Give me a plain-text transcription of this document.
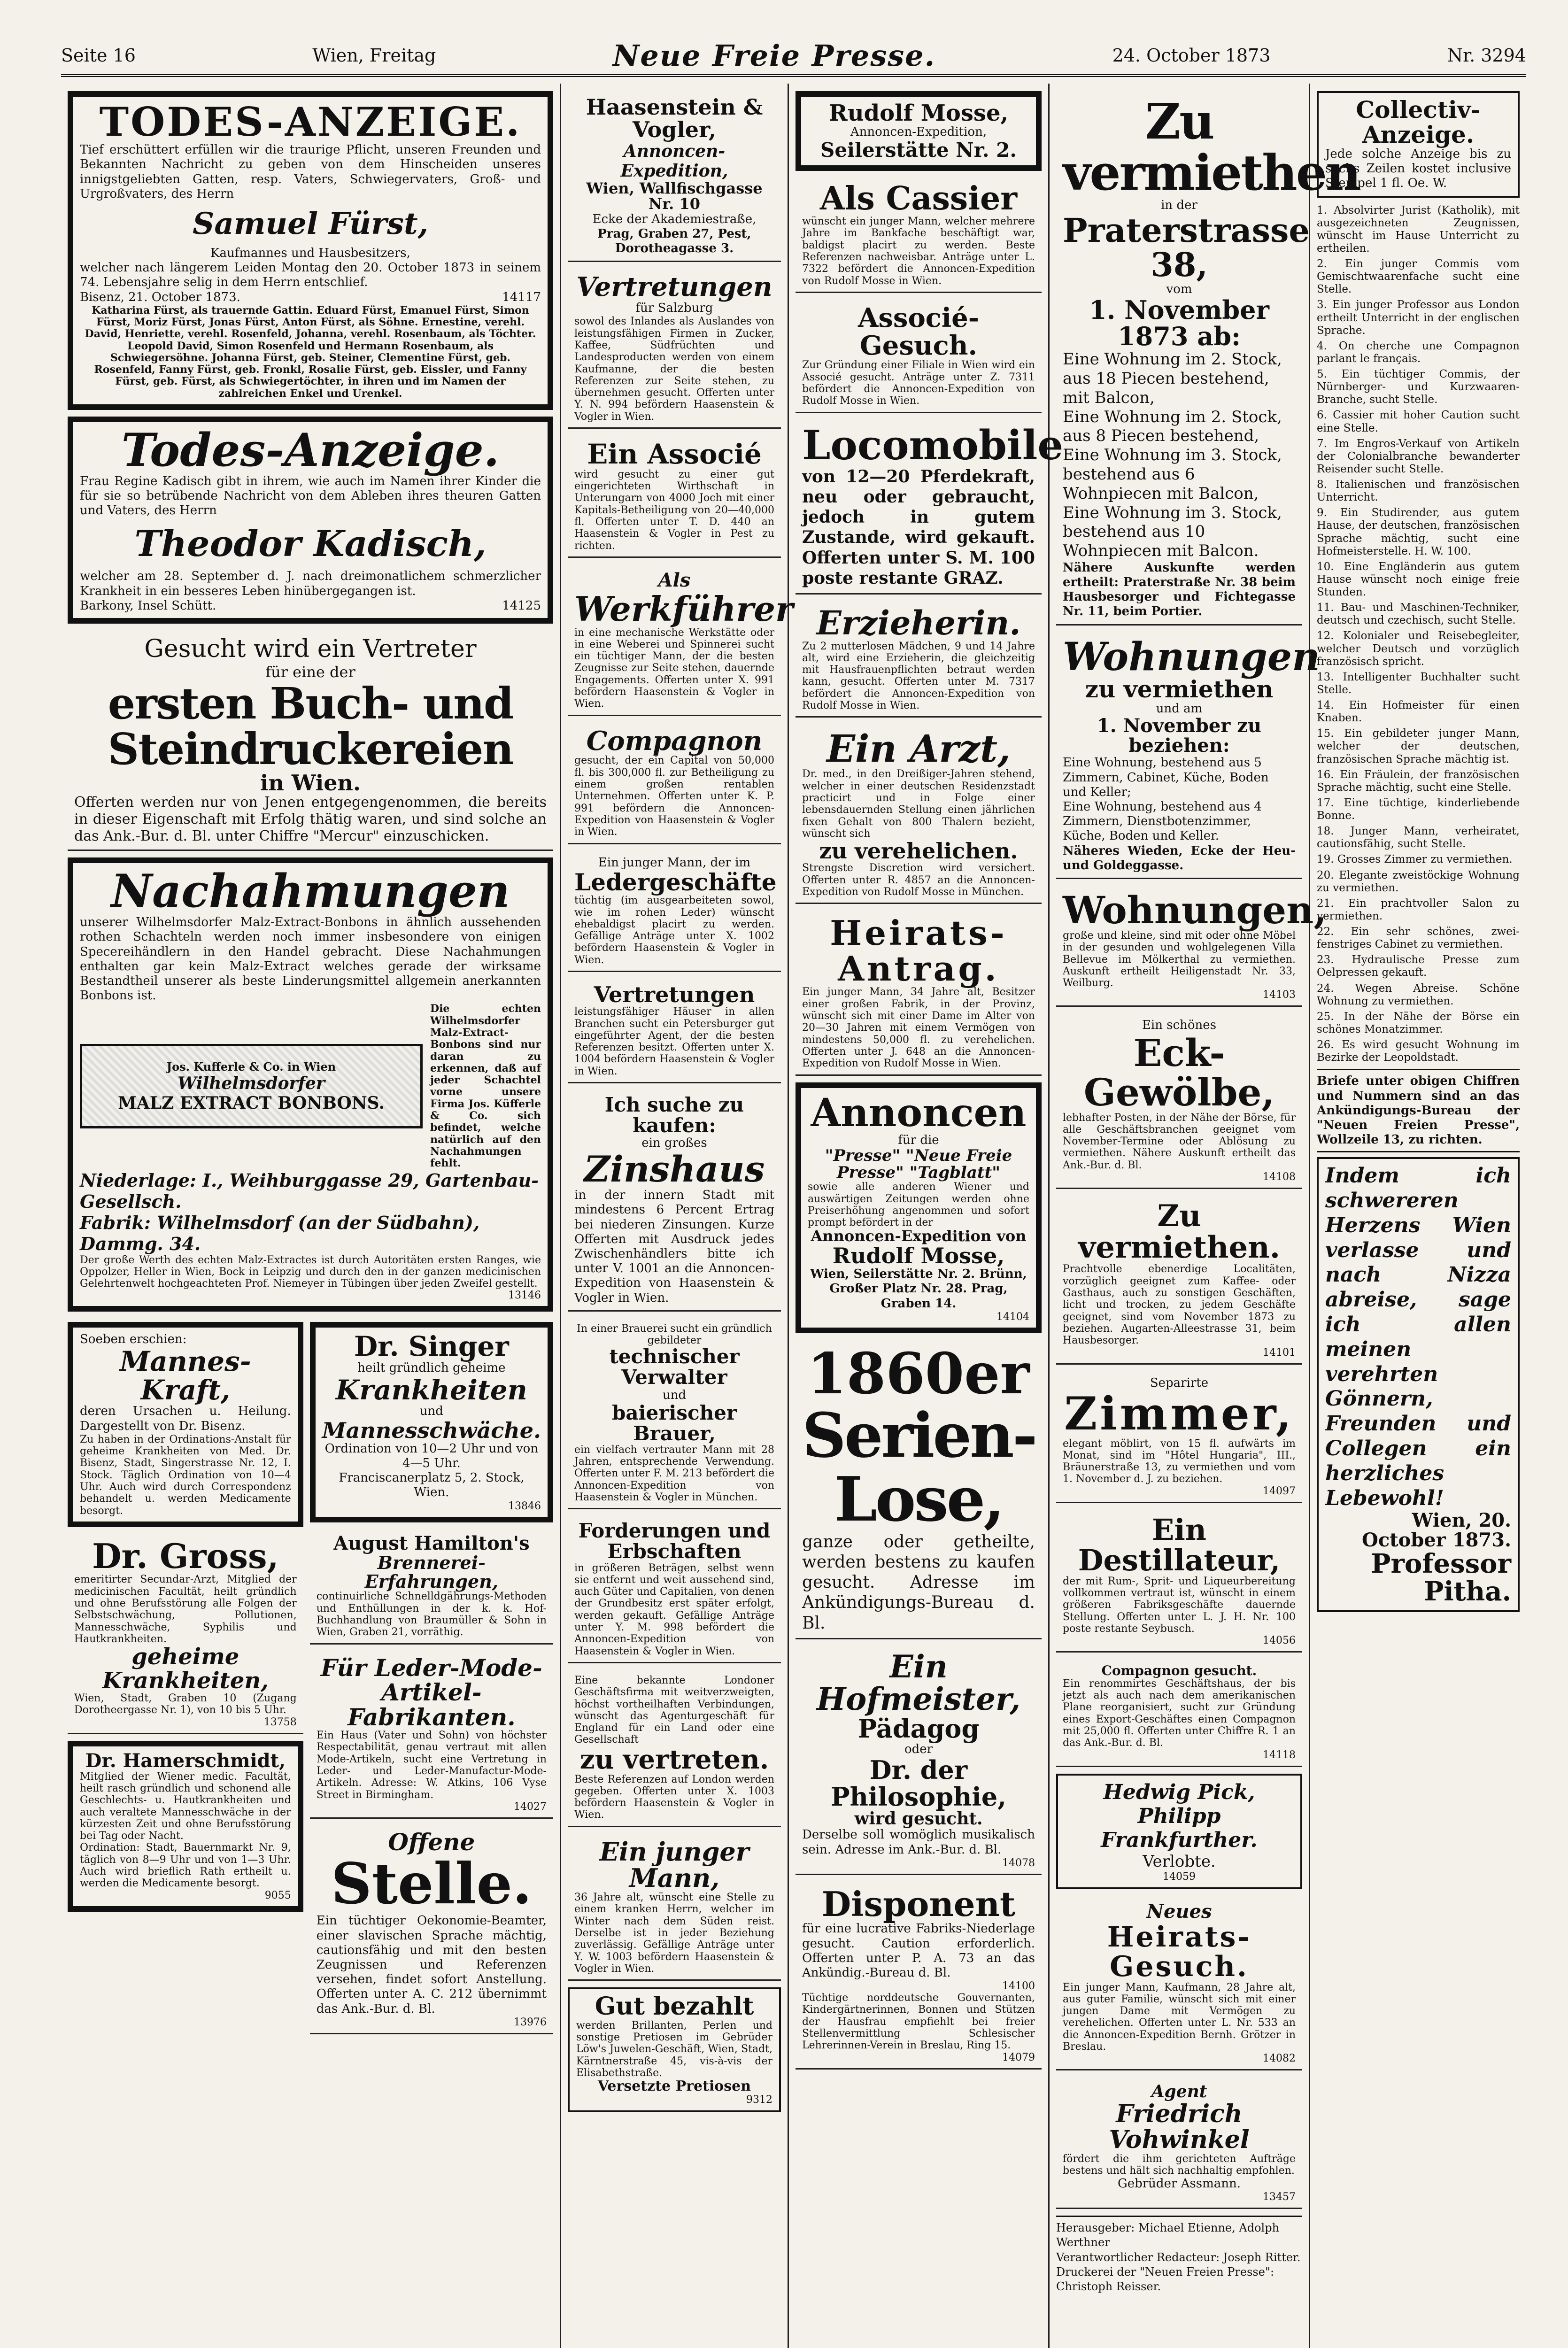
Seite 16	Wien, Freitag	Neue Freie Presse.	24. October 1873	Nr. 3294
TODES-ANZEIGE.
Tief erschüttert erfüllen wir die traurige Pflicht, unseren Freunden und Bekannten Nachricht zu geben von dem Hinscheiden unseres innigstgeliebten Gatten, resp. Vaters, Schwiegervaters, Groß- und Urgroßvaters, des Herrn
Samuel Fürst,
Kaufmannes und Hausbesitzers,
welcher nach längerem Leiden Montag den 20. October 1873 in seinem 74. Lebensjahre selig in dem Herrn entschlief.
Bisenz, 21. October 1873.	14117
Katharina Fürst, als trauernde Gattin. Eduard Fürst, Emanuel Fürst, Simon Fürst, Moriz Fürst, Jonas Fürst, Anton Fürst, als Söhne. Ernestine, verehl. David, Henriette, verehl. Rosenfeld, Johanna, verehl. Rosenbaum, als Töchter. Leopold David, Simon Rosenfeld und Hermann Rosenbaum, als Schwiegersöhne. Johanna Fürst, geb. Steiner, Clementine Fürst, geb. Rosenfeld, Fanny Fürst, geb. Fronkl, Rosalie Fürst, geb. Eissler, und Fanny Fürst, geb. Fürst, als Schwiegertöchter, in ihren und im Namen der zahlreichen Enkel und Urenkel.
Todes-Anzeige.
Frau Regine Kadisch gibt in ihrem, wie auch im Namen ihrer Kinder die für sie so betrübende Nachricht von dem Ableben ihres theuren Gatten und Vaters, des Herrn
Theodor Kadisch,
welcher am 28. September d. J. nach dreimonatlichem schmerzlicher Krankheit in ein besseres Leben hinübergegangen ist.
Barkony, Insel Schütt.	14125
Gesucht wird ein Vertreter
für eine der
ersten Buch- und Steindruckereien
in Wien.
Offerten werden nur von Jenen entgegengenommen, die bereits in dieser Eigenschaft mit Erfolg thätig waren, und sind solche an das Ank.-Bur. d. Bl. unter Chiffre "Mercur" einzuschicken.
Nachahmungen
unserer Wilhelmsdorfer Malz-Extract-Bonbons in ähnlich aussehenden rothen Schachteln werden noch immer insbesondere von einigen Specereihändlern in den Handel gebracht. Diese Nachahmungen enthalten gar kein Malz-Extract welches gerade der wirksame Bestandtheil unserer als beste Linderungsmittel allgemein anerkannten Bonbons ist.
Jos. Kufferle & Co. in Wien
Wilhelmsdorfer
MALZ EXTRACT BONBONS.
Die echten Wilhelmsdorfer Malz-Extract-Bonbons sind nur daran zu erkennen, daß auf jeder Schachtel vorne unsere Firma Jos. Küfferle & Co. sich befindet, welche natürlich auf den Nachahmungen fehlt.
Niederlage: I., Weihburggasse 29, Gartenbau-Gesellsch.
Fabrik: Wilhelmsdorf (an der Südbahn), Dammg. 34.
Der große Werth des echten Malz-Extractes ist durch Autoritäten ersten Ranges, wie Oppolzer, Heller in Wien, Bock in Leipzig und durch den in der ganzen medicinischen Gelehrtenwelt hochgeachteten Prof. Niemeyer in Tübingen über jeden Zweifel gestellt.
13146
Soeben erschien:
Mannes-Kraft,
deren Ursachen u. Heilung. Dargestellt von Dr. Bisenz.
Zu haben in der Ordinations-Anstalt für geheime Krankheiten von Med. Dr. Bisenz, Stadt, Singerstrasse Nr. 12, I. Stock. Täglich Ordination von 10—4 Uhr. Auch wird durch Correspondenz behandelt u. werden Medicamente besorgt.
Dr. Gross,
emeritirter Secundar-Arzt, Mitglied der medicinischen Facultät, heilt gründlich und ohne Berufsstörung alle Folgen der Selbstschwächung, Pollutionen, Mannesschwäche, Syphilis und Hautkrankheiten.
geheime Krankheiten,
Wien, Stadt, Graben 10 (Zugang Dorotheergasse Nr. 1), von 10 bis 5 Uhr.
13758
Dr. Hamerschmidt,
Mitglied der Wiener medic. Facultät, heilt rasch gründlich und schonend alle Geschlechts- u. Hautkrankheiten und auch veraltete Mannesschwäche in der kürzesten Zeit und ohne Berufsstörung bei Tag oder Nacht.
Ordination: Stadt, Bauernmarkt Nr. 9, täglich von 8—9 Uhr und von 1—3 Uhr. Auch wird brieflich Rath ertheilt u. werden die Medicamente besorgt.
9055
Dr. Singer
heilt gründlich geheime
Krankheiten
und
Mannesschwäche.
Ordination von 10—2 Uhr und von 4—5 Uhr.
Franciscanerplatz 5, 2. Stock, Wien.
13846
August Hamilton's
Brennerei-Erfahrungen,
continuirliche Schnelldgährungs-Methoden und Enthüllungen in der k. k. Hof-Buchhandlung von Braumüller & Sohn in Wien, Graben 21, vorräthig.
Für Leder-Mode-Artikel-Fabrikanten.
Ein Haus (Vater und Sohn) von höchster Respectabilität, genau vertraut mit allen Mode-Artikeln, sucht eine Vertretung in Leder- und Leder-Manufactur-Mode-Artikeln. Adresse: W. Atkins, 106 Vyse Street in Birmingham.
14027
Offene
Stelle.
Ein tüchtiger Oekonomie-Beamter, einer slavischen Sprache mächtig, cautionsfähig und mit den besten Zeugnissen und Referenzen versehen, findet sofort Anstellung. Offerten unter A. C. 212 übernimmt das Ank.-Bur. d. Bl.
13976
Haasenstein & Vogler,
Annoncen-Expedition,
Wien, Wallfischgasse Nr. 10
Ecke der Akademiestraße,
Prag, Graben 27, Pest, Dorotheagasse 3.
Vertretungen
für Salzburg
sowol des Inlandes als Auslandes von leistungsfähigen Firmen in Zucker, Kaffee, Südfrüchten und Landesproducten werden von einem Kaufmanne, der die besten Referenzen zur Seite stehen, zu übernehmen gesucht. Offerten unter Y. N. 994 befördern Haasenstein & Vogler in Wien.
Ein Associé
wird gesucht zu einer gut eingerichteten Wirthschaft in Unterungarn von 4000 Joch mit einer Kapitals-Betheiligung von 20—40,000 fl. Offerten unter T. D. 440 an Haasenstein & Vogler in Pest zu richten.
Als
Werkführer
in eine mechanische Werkstätte oder in eine Weberei und Spinnerei sucht ein tüchtiger Mann, der die besten Zeugnisse zur Seite stehen, dauernde Engagements. Offerten unter X. 991 befördern Haasenstein & Vogler in Wien.
Compagnon
gesucht, der ein Capital von 50,000 fl. bis 300,000 fl. zur Betheiligung zu einem großen rentablen Unternehmen. Offerten unter K. P. 991 befördern die Annoncen-Expedition von Haasenstein & Vogler in Wien.
Ein junger Mann, der im
Ledergeschäfte
tüchtig (im ausgearbeiteten sowol, wie im rohen Leder) wünscht ehebaldigst placirt zu werden. Gefällige Anträge unter X. 1002 befördern Haasenstein & Vogler in Wien.
Vertretungen
leistungsfähiger Häuser in allen Branchen sucht ein Petersburger gut eingeführter Agent, der die besten Referenzen besitzt. Offerten unter X. 1004 befördern Haasenstein & Vogler in Wien.
Ich suche zu kaufen:
ein großes
Zinshaus
in der innern Stadt mit mindestens 6 Percent Ertrag bei niederen Zinsungen. Kurze Offerten mit Ausdruck jedes Zwischenhändlers bitte ich unter V. 1001 an die Annoncen-Expedition von Haasenstein & Vogler in Wien.
In einer Brauerei sucht ein gründlich gebildeter
technischer Verwalter
und
baierischer Brauer,
ein vielfach vertrauter Mann mit 28 Jahren, entsprechende Verwendung. Offerten unter F. M. 213 befördert die Annoncen-Expedition von Haasenstein & Vogler in München.
Forderungen und Erbschaften
in größeren Beträgen, selbst wenn sie entfernt und weit aussehend sind, auch Güter und Capitalien, von denen der Grundbesitz erst später erfolgt, werden gekauft. Gefällige Anträge unter Y. M. 998 befördert die Annoncen-Expedition von Haasenstein & Vogler in Wien.
Eine bekannte Londoner Geschäftsfirma mit weitverzweigten, höchst vortheilhaften Verbindungen, wünscht das Agenturgeschäft für England für ein Land oder eine Gesellschaft
zu vertreten.
Beste Referenzen auf London werden gegeben. Offerten unter X. 1003 befördern Haasenstein & Vogler in Wien.
Ein junger Mann,
36 Jahre alt, wünscht eine Stelle zu einem kranken Herrn, welcher im Winter nach dem Süden reist. Derselbe ist in jeder Beziehung zuverlässig. Gefällige Anträge unter Y. W. 1003 befördern Haasenstein & Vogler in Wien.
Gut bezahlt
werden Brillanten, Perlen und sonstige Pretiosen im Gebrüder Löw's Juwelen-Geschäft, Wien, Stadt, Kärntnerstraße 45, vis-à-vis der Elisabethstraße.
Versetzte Pretiosen
9312
Rudolf Mosse,
Annoncen-Expedition,
Seilerstätte Nr. 2.
Als Cassier
wünscht ein junger Mann, welcher mehrere Jahre im Bankfache beschäftigt war, baldigst placirt zu werden. Beste Referenzen nachweisbar. Anträge unter L. 7322 befördert die Annoncen-Expedition von Rudolf Mosse in Wien.
Associé-Gesuch.
Zur Gründung einer Filiale in Wien wird ein Associé gesucht. Anträge unter Z. 7311 befördert die Annoncen-Expedition von Rudolf Mosse in Wien.
Locomobile
von 12—20 Pferdekraft, neu oder gebraucht, jedoch in gutem Zustande, wird gekauft. Offerten unter S. M. 100 poste restante GRAZ.
Erzieherin.
Zu 2 mutterlosen Mädchen, 9 und 14 Jahre alt, wird eine Erzieherin, die gleichzeitig mit Hausfrauenpflichten betraut werden kann, gesucht. Offerten unter M. 7317 befördert die Annoncen-Expedition von Rudolf Mosse in Wien.
Ein Arzt,
Dr. med., in den Dreißiger-Jahren stehend, welcher in einer deutschen Residenzstadt practicirt und in Folge einer lebensdauernden Stellung einen jährlichen fixen Gehalt von 800 Thalern bezieht, wünscht sich
zu verehelichen.
Strengste Discretion wird versichert. Offerten unter R. 4857 an die Annoncen-Expedition von Rudolf Mosse in München.
Heirats-Antrag.
Ein junger Mann, 34 Jahre alt, Besitzer einer großen Fabrik, in der Provinz, wünscht sich mit einer Dame im Alter von 20—30 Jahren mit einem Vermögen von mindestens 50,000 fl. zu verehelichen. Offerten unter J. 648 an die Annoncen-Expedition von Rudolf Mosse in Wien.
Annoncen
für die
"Presse" "Neue Freie Presse" "Tagblatt"
sowie alle anderen Wiener und auswärtigen Zeitungen werden ohne Preiserhöhung angenommen und sofort prompt befördert in der
Annoncen-Expedition von
Rudolf Mosse,
Wien, Seilerstätte Nr. 2. Brünn, Großer Platz Nr. 28. Prag, Graben 14.
14104
1860er
Serien-Lose,
ganze oder getheilte, werden bestens zu kaufen gesucht. Adresse im Ankündigungs-Bureau d. Bl.
Ein Hofmeister,
Pädagog
oder
Dr. der Philosophie,
wird gesucht.
Derselbe soll womöglich musikalisch sein. Adresse im Ank.-Bur. d. Bl.
14078
Disponent
für eine lucrative Fabriks-Niederlage gesucht. Caution erforderlich. Offerten unter P. A. 73 an das Ankündig.-Bureau d. Bl.
14100
Tüchtige norddeutsche Gouvernanten, Kindergärtnerinnen, Bonnen und Stützen der Hausfrau empfiehlt bei freier Stellenvermittlung Schlesischer Lehrerinnen-Verein in Breslau, Ring 15.
14079
Zu vermiethen
in der
Praterstrasse 38,
vom
1. November 1873 ab:
Eine Wohnung im 2. Stock, aus 18 Piecen bestehend, mit Balcon,
Eine Wohnung im 2. Stock, aus 8 Piecen bestehend,
Eine Wohnung im 3. Stock, bestehend aus 6 Wohnpiecen mit Balcon,
Eine Wohnung im 3. Stock, bestehend aus 10 Wohnpiecen mit Balcon.
Nähere Auskunfte werden ertheilt: Praterstraße Nr. 38 beim Hausbesorger und Fichtegasse Nr. 11, beim Portier.
Wohnungen
zu vermiethen
und am
1. November zu beziehen:
Eine Wohnung, bestehend aus 5 Zimmern, Cabinet, Küche, Boden und Keller;
Eine Wohnung, bestehend aus 4 Zimmern, Dienstbotenzimmer, Küche, Boden und Keller.
Näheres Wieden, Ecke der Heu- und Goldeggasse.
Wohnungen,
große und kleine, sind mit oder ohne Möbel in der gesunden und wohlgelegenen Villa Bellevue im Mölkerthal zu vermiethen. Auskunft ertheilt Heiligenstadt Nr. 33, Weilburg.
14103
Ein schönes
Eck-Gewölbe,
lebhafter Posten, in der Nähe der Börse, für alle Geschäftsbranchen geeignet vom November-Termine oder Ablösung zu vermiethen. Nähere Auskunft ertheilt das Ank.-Bur. d. Bl.
14108
Zu vermiethen.
Prachtvolle ebenerdige Localitäten, vorzüglich geeignet zum Kaffee- oder Gasthaus, auch zu sonstigen Geschäften, licht und trocken, zu jedem Geschäfte geeignet, sind vom November 1873 zu beziehen. Augarten-Alleestrasse 31, beim Hausbesorger.
14101
Separirte
Zimmer,
elegant möblirt, von 15 fl. aufwärts im Monat, sind im "Hôtel Hungaria", III., Bräunerstraße 13, zu vermiethen und vom 1. November d. J. zu beziehen.
14097
Ein Destillateur,
der mit Rum-, Sprit- und Liqueurbereitung vollkommen vertraut ist, wünscht in einem größeren Fabriksgeschäfte dauernde Stellung. Offerten unter L. J. H. Nr. 100 poste restante Seybusch.
14056
Compagnon gesucht.
Ein renommirtes Geschäftshaus, der bis jetzt als auch nach dem amerikanischen Plane reorganisiert, sucht zur Gründung eines Export-Geschäftes einen Compagnon mit 25,000 fl. Offerten unter Chiffre R. 1 an das Ank.-Bur. d. Bl.
14118
Hedwig Pick,
Philipp Frankfurther.
Verlobte.
14059
Neues
Heirats-Gesuch.
Ein junger Mann, Kaufmann, 28 Jahre alt, aus guter Familie, wünscht sich mit einer jungen Dame mit Vermögen zu verehelichen. Offerten unter L. Nr. 533 an die Annoncen-Expedition Bernh. Grötzer in Breslau.
14082
Agent
Friedrich Vohwinkel
fördert die ihm gerichteten Aufträge bestens und hält sich nachhaltig empfohlen.
Gebrüder Assmann.
13457
Herausgeber: Michael Etienne, Adolph Werthner
Verantwortlicher Redacteur: Joseph Ritter.
Druckerei der "Neuen Freien Presse": Christoph Reisser.
Collectiv-Anzeige.
Jede solche Anzeige bis zu sechs Zeilen kostet inclusive Stempel 1 fl. Oe. W.
1. Absolvirter Jurist (Katholik), mit ausgezeichneten Zeugnissen, wünscht im Hause Unterricht zu ertheilen.
2. Ein junger Commis vom Gemischtwaarenfache sucht eine Stelle.
3. Ein junger Professor aus London ertheilt Unterricht in der englischen Sprache.
4. On cherche une Compagnon parlant le français.
5. Ein tüchtiger Commis, der Nürnberger- und Kurzwaaren-Branche, sucht Stelle.
6. Cassier mit hoher Caution sucht eine Stelle.
7. Im Engros-Verkauf von Artikeln der Colonialbranche bewanderter Reisender sucht Stelle.
8. Italienischen und französischen Unterricht.
9. Ein Studirender, aus gutem Hause, der deutschen, französischen Sprache mächtig, sucht eine Hofmeisterstelle. H. W. 100.
10. Eine Engländerin aus gutem Hause wünscht noch einige freie Stunden.
11. Bau- und Maschinen-Techniker, deutsch und czechisch, sucht Stelle.
12. Kolonialer und Reisebegleiter, welcher Deutsch und vorzüglich französisch spricht.
13. Intelligenter Buchhalter sucht Stelle.
14. Ein Hofmeister für einen Knaben.
15. Ein gebildeter junger Mann, welcher der deutschen, französischen Sprache mächtig ist.
16. Ein Fräulein, der französischen Sprache mächtig, sucht eine Stelle.
17. Eine tüchtige, kinderliebende Bonne.
18. Junger Mann, verheiratet, cautionsfähig, sucht Stelle.
19. Grosses Zimmer zu vermiethen.
20. Elegante zweistöckige Wohnung zu vermiethen.
21. Ein prachtvoller Salon zu vermiethen.
22. Ein sehr schönes, zwei-fenstriges Cabinet zu vermiethen.
23. Hydraulische Presse zum Oelpressen gekauft.
24. Wegen Abreise. Schöne Wohnung zu vermiethen.
25. In der Nähe der Börse ein schönes Monatzimmer.
26. Es wird gesucht Wohnung im Bezirke der Leopoldstadt.
Briefe unter obigen Chiffren und Nummern sind an das Ankündigungs-Bureau der "Neuen Freien Presse", Wollzeile 13, zu richten.
Indem ich schwereren Herzens Wien verlasse und nach Nizza abreise, sage ich allen meinen verehrten Gönnern, Freunden und Collegen ein herzliches Lebewohl!
Wien, 20. October 1873.
Professor Pitha.
